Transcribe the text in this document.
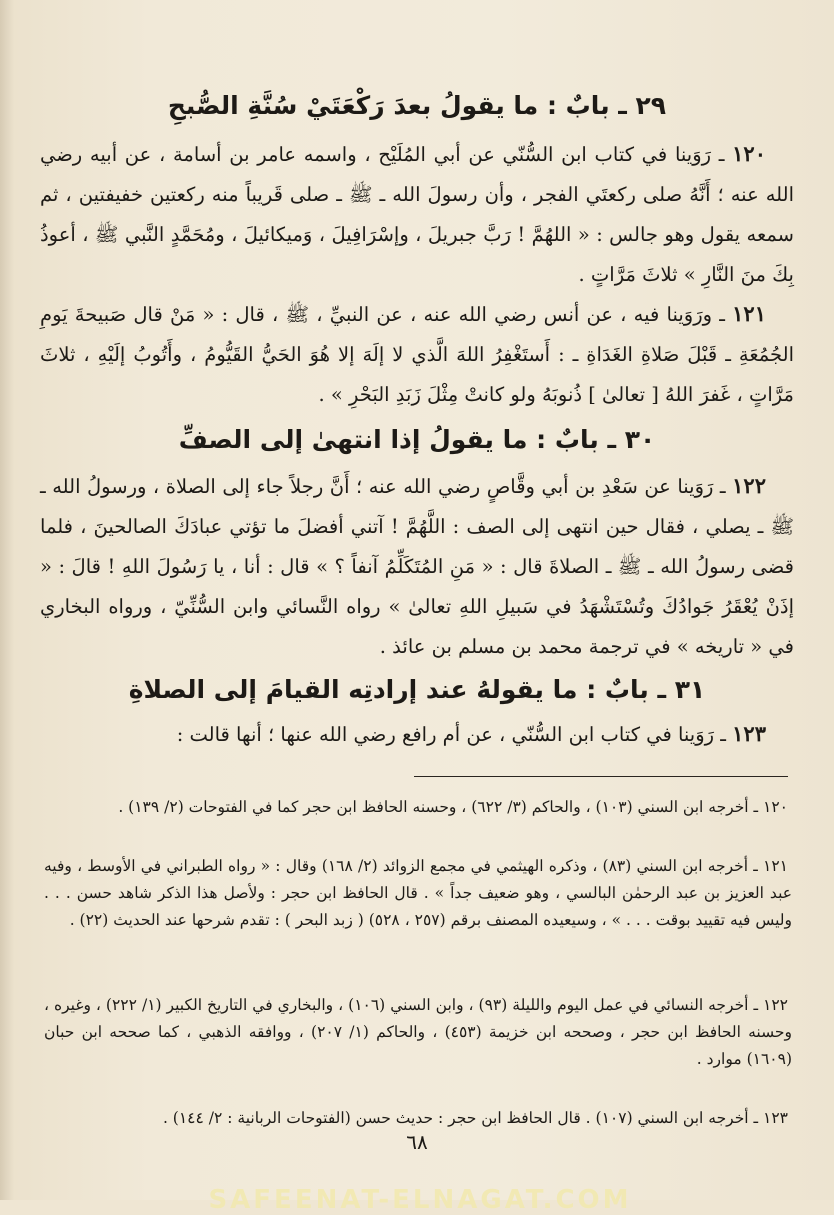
٢٩ ـ بابٌ : ما يقولُ بعدَ رَكْعَتَيْ سُنَّةِ الصُّبحِ

١٢٠ ـ رَوَينا في كتاب ابن السُّنّي عن أبي المُلَيْح ، واسمه عامر بن أسامة ، عن أبيه رضي الله عنه ؛ أَنَّهُ صلى ركعتَي الفجر ، وأن رسولَ الله ـ ﷺ ـ صلى قَريباً منه ركعتين خفيفتين ، ثم سمعه يقول وهو جالس : « اللهُمَّ ! رَبَّ جبريلَ ، وإسْرَافِيلَ ، وَميكائيلَ ، ومُحَمَّدٍ النَّبي ﷺ ، أعوذُ بِكَ منَ النَّارِ » ثلاثَ مَرَّاتٍ .

١٢١ ـ ورَوَينا فيه ، عن أنس رضي الله عنه ، عن النبيِّ ، ﷺ ، قال : « مَنْ قال صَبيحةَ يَومِ الجُمُعَةِ ـ قَبْلَ صَلاةِ الغَدَاةِ ـ : أَستَغْفِرُ اللهَ الَّذي لا إلَهَ إلا هُوَ الحَيُّ القَيُّومُ ، وأَتُوبُ إلَيْهِ ، ثلاثَ مَرَّاتٍ ، غَفرَ اللهُ [ تعالىٰ ] ذُنوبَهُ ولو كانتْ مِثْلَ زَبَدِ البَحْرِ » .

٣٠ ـ بابٌ : ما يقولُ إذا انتهىٰ إلى الصفِّ

١٢٢ ـ رَوَينا عن سَعْدِ بن أبي وقَّاصٍ رضي الله عنه ؛ أَنَّ رجلاً جاء إلى الصلاة ، ورسولُ الله ـ ﷺ ـ يصلي ، فقال حين انتهى إلى الصف : اللَّهُمَّ ! آتني أفضلَ ما تؤتي عبادَكَ الصالحينَ ، فلما قضى رسولُ الله ـ ﷺ ـ الصلاةَ قال : « مَنِ المُتَكَلِّمُ آنفاً ؟ » قال : أنا ، يا رَسُولَ اللهِ ! قالَ : « إذَنْ يُعْقَرُ جَوادُكَ وتُسْتَشْهَدُ في سَبيلِ اللهِ تعالىٰ » رواه النَّسائي وابن السُّنِّيّ ، ورواه البخاري في « تاريخه » في ترجمة محمد بن مسلم بن عائذ .

٣١ ـ بابٌ : ما يقولهُ عند إرادتِه القيامَ إلى الصلاةِ

١٢٣ ـ رَوَينا في كتاب ابن السُّنّي ، عن أم رافع رضي الله عنها ؛ أنها قالت :

١٢٠ ـ أخرجه ابن السني (١٠٣) ، والحاكم (٣/ ٦٢٢) ، وحسنه الحافظ ابن حجر كما في الفتوحات (٢/ ١٣٩) .

١٢١ ـ أخرجه ابن السني (٨٣) ، وذكره الهيثمي في مجمع الزوائد (٢/ ١٦٨) وقال : « رواه الطبراني في الأوسط ، وفيه عبد العزيز بن عبد الرحمٰن البالسي ، وهو ضعيف جداً » . قال الحافظ ابن حجر : ولأصل هذا الذكر شاهد حسن . . . وليس فيه تقييد بوقت . . . » ، وسيعيده المصنف برقم (٢٥٧ ، ٥٢٨) ( زبد البحر ) : تقدم شرحها عند الحديث (٢٢) .

١٢٢ ـ أخرجه النسائي في عمل اليوم والليلة (٩٣) ، وابن السني (١٠٦) ، والبخاري في التاريخ الكبير (١/ ٢٢٢) ، وغيره ، وحسنه الحافظ ابن حجر ، وصححه ابن خزيمة (٤٥٣) ، والحاكم (١/ ٢٠٧) ، ووافقه الذهبي ، كما صححه ابن حبان (١٦٠٩) موارد .

١٢٣ ـ أخرجه ابن السني (١٠٧) . قال الحافظ ابن حجر : حديث حسن (الفتوحات الربانية : ٢/ ١٤٤) .

٦٨
SAFEENAT-ELNAGAT.COM
